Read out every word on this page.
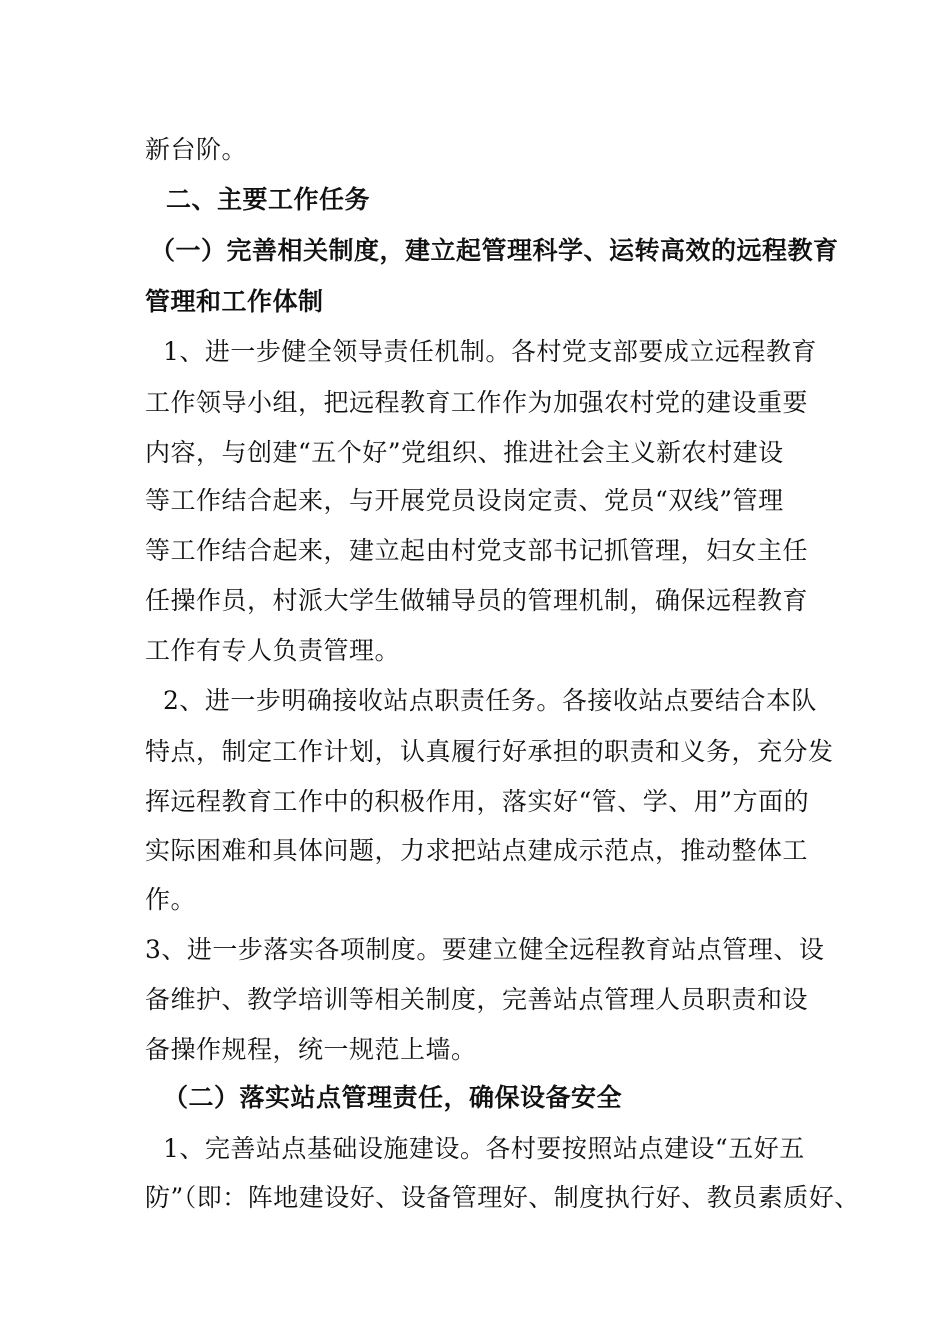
新台阶。
二、主要工作任务
（一）完善相关制度，建立起管理科学、运转高效的远程教育
管理和工作体制
1、进一步健全领导责任机制。各村党支部要成立远程教育
工作领导小组，把远程教育工作作为加强农村党的建设重要
内容，与创建“五个好”党组织、推进社会主义新农村建设
等工作结合起来，与开展党员设岗定责、党员“双线”管理
等工作结合起来，建立起由村党支部书记抓管理，妇女主任
任操作员，村派大学生做辅导员的管理机制，确保远程教育
工作有专人负责管理。
2、进一步明确接收站点职责任务。各接收站点要结合本队
特点，制定工作计划，认真履行好承担的职责和义务，充分发
挥远程教育工作中的积极作用，落实好“管、学、用”方面的
实际困难和具体问题，力求把站点建成示范点，推动整体工
作。
3、进一步落实各项制度。要建立健全远程教育站点管理、设
备维护、教学培训等相关制度，完善站点管理人员职责和设
备操作规程，统一规范上墙。
（二）落实站点管理责任，确保设备安全
1、完善站点基础设施建设。各村要按照站点建设“五好五
防”（即：阵地建设好、设备管理好、制度执行好、教员素质好、
